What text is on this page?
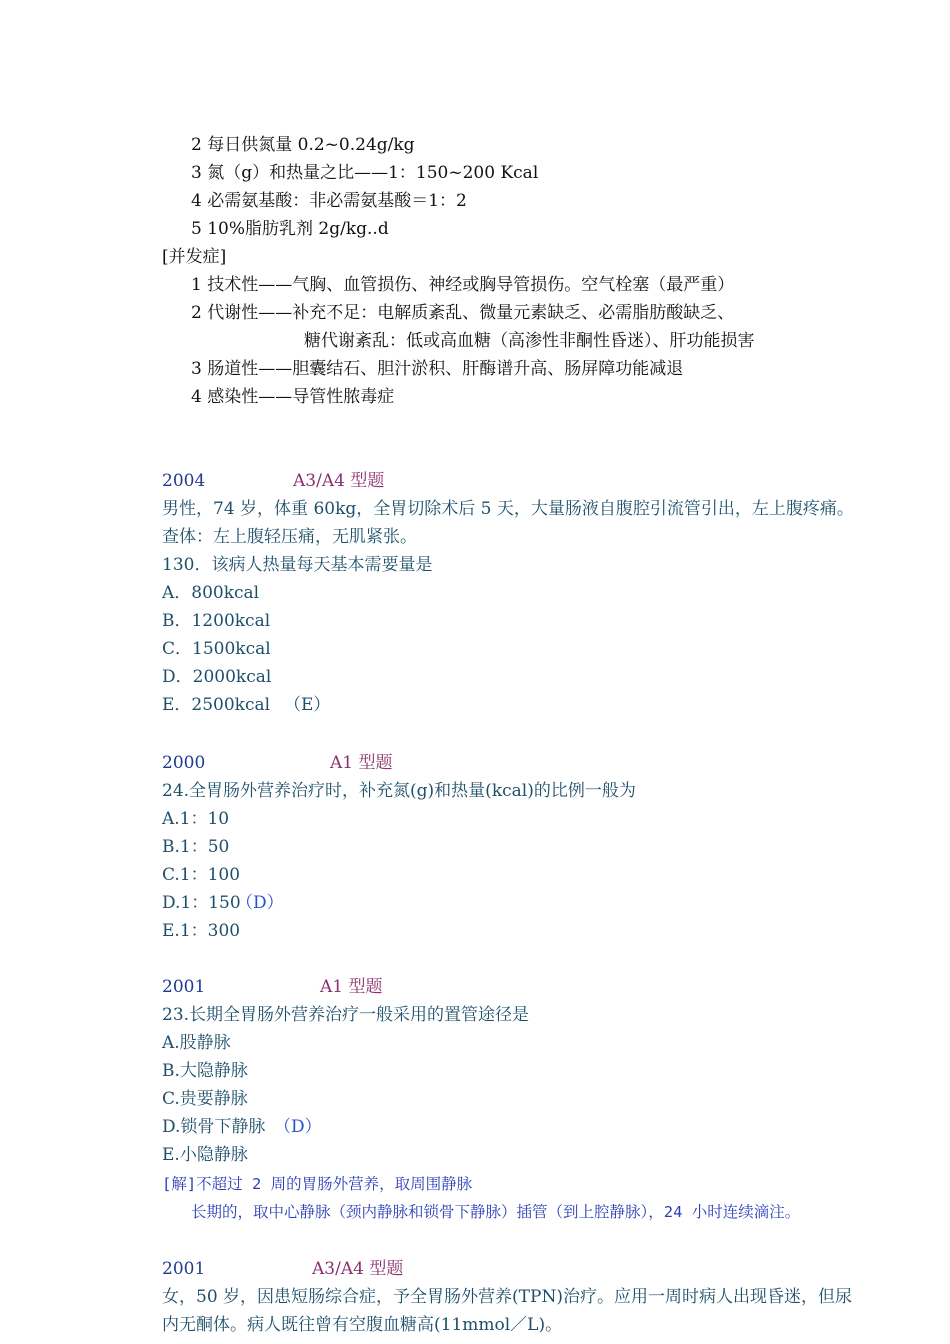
2 每日供氮量 0.2~0.24g/kg
3 氮（g）和热量之比——1：150~200 Kcal
4 必需氨基酸：非必需氨基酸＝1：2
5 10%脂肪乳剂 2g/kg..d
[并发症]
1 技术性——气胸、血管损伤、神经或胸导管损伤。空气栓塞（最严重）
2 代谢性——补充不足：电解质紊乱、微量元素缺乏、必需脂肪酸缺乏、
糖代谢紊乱：低或高血糖（高渗性非酮性昏迷）、肝功能损害
3 肠道性——胆囊结石、胆汁淤积、肝酶谱升高、肠屏障功能减退
4 感染性——导管性脓毒症
2004	A3/A4 型题
男性，74 岁，体重 60kg，全胃切除术后 5 天，大量肠液自腹腔引流管引出，左上腹疼痛。
查体：左上腹轻压痛，无肌紧张。
130．该病人热量每天基本需要量是
A．800kcal
B．1200kcal
C．1500kcal
D．2000kcal
E．2500kcal （E）
2000	A1 型题
24.全胃肠外营养治疗时，补充氮(g)和热量(kcal)的比例一般为
A.1：10
B.1：50
C.1：100
D.1：150
（D）
E.1：300
2001	A1 型题
23.长期全胃肠外营养治疗一般采用的置管途径是
A.股静脉
B.大隐静脉
C.贵要静脉
D.锁骨下静脉 （D）
E.小隐静脉
[解]不超过 2 周的胃肠外营养，取周围静脉
长期的，取中心静脉（颈内静脉和锁骨下静脉）插管（到上腔静脉），24 小时连续滴注。
2001	A3/A4 型题
女，50 岁，因患短肠综合症，予全胃肠外营养(TPN)治疗。应用一周时病人出现昏迷，但尿
内无酮体。病人既往曾有空腹血糖高(11mmol／L)。
